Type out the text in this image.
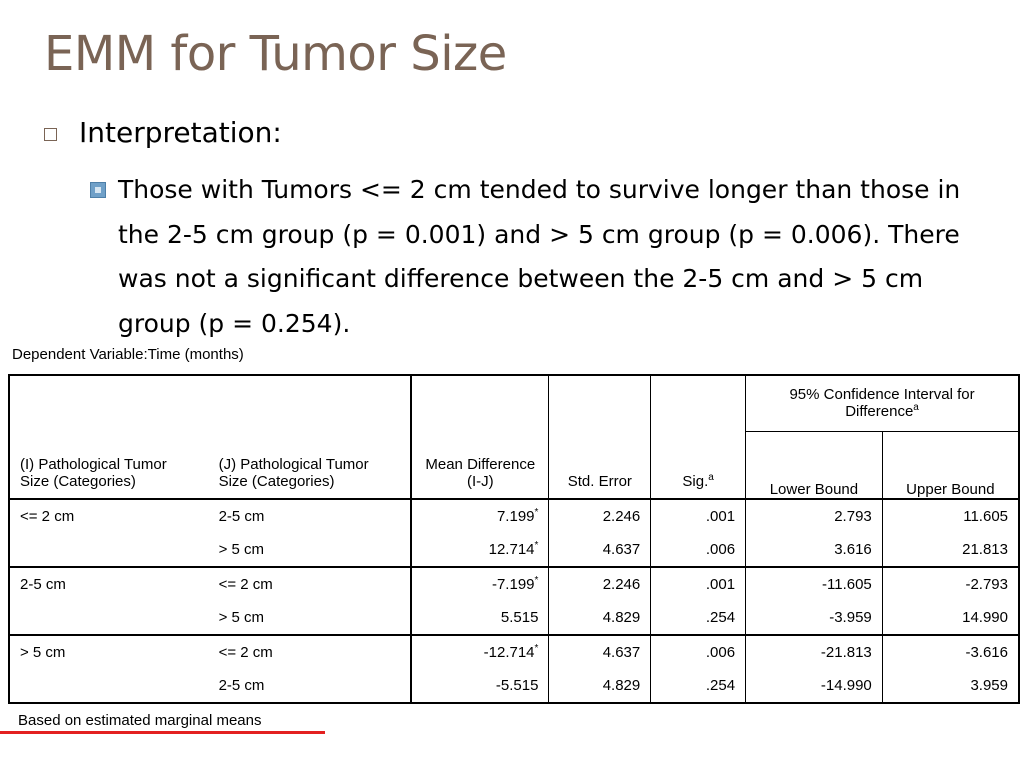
EMM for Tumor Size
Interpretation:
Those with Tumors <= 2 cm tended to survive longer than those in the 2-5 cm group (p = 0.001) and > 5 cm group (p = 0.006). There was not a significant difference between the 2-5 cm and > 5 cm group (p = 0.254).
Dependent Variable:Time (months)
(I) Pathological Tumor Size (Categories)	(J) Pathological Tumor Size (Categories)	Mean Difference (I-J)	Std. Error	Sig.$^a$	95% Confidence Interval for Difference$^a$
					Lower Bound	Upper Bound
<= 2 cm	2-5 cm	7.199*	2.246	.001	2.793	11.605
	> 5 cm	12.714*	4.637	.006	3.616	21.813
2-5 cm	<= 2 cm	-7.199*	2.246	.001	-11.605	-2.793
	> 5 cm	5.515	4.829	.254	-3.959	14.990
> 5 cm	<= 2 cm	-12.714*	4.637	.006	-21.813	-3.616
	2-5 cm	-5.515	4.829	.254	-14.990	3.959
Based on estimated marginal means
